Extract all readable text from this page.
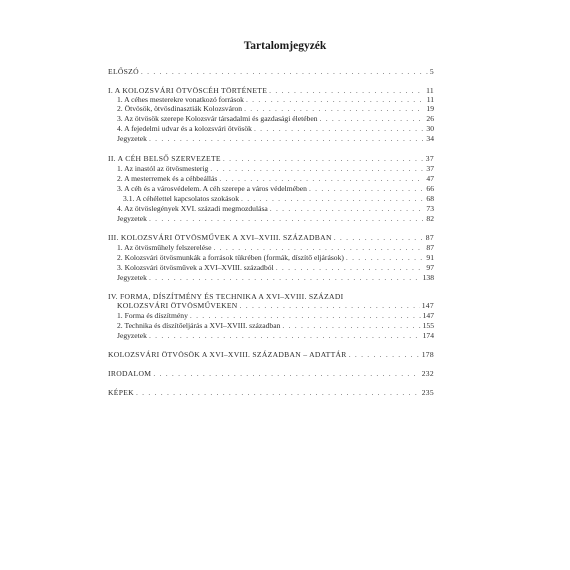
Tartalomjegyzék
ELŐSZÓ . . .	5
I. A KOLOZSVÁRI ÖTVÖSCÉH TÖRTÉNETE . . .	11
1. A céhes mesterekre vonatkozó források . . .	11
2. Ötvösök, ötvösdinasztiák Kolozsváron . . .	19
3. Az ötvösök szerepe Kolozsvár társadalmi és gazdasági életében . . .	26
4. A fejedelmi udvar és a kolozsvári ötvösök . . .	30
Jegyzetek . . .	34
II. A CÉH BELSŐ SZERVEZETE . . .	37
1. Az inastól az ötvösmesterig . . .	37
2. A mesterremek és a céhbeállás . . .	47
3. A céh és a városvédelem. A céh szerepe a város védelmében . . .	66
3.1. A céhélettel kapcsolatos szokások . . .	68
4. Az ötvöslegények XVI. századi megmozdulása . . .	73
Jegyzetek . . .	82
III. KOLOZSVÁRI ÖTVÖSMŰVEK A XVI–XVIII. SZÁZADBAN . . .	87
1. Az ötvösműhely felszerelése . . .	87
2. Kolozsvári ötvösmunkák a források tükrében (formák, díszítő eljárások) . . .	91
3. Kolozsvári ötvösművek a XVI–XVIII. századból . . .	97
Jegyzetek . . .	138
IV. FORMA, DÍSZÍTMÉNY ÉS TECHNIKA A XVI–XVIII. SZÁZADI
KOLOZSVÁRI ÖTVÖSMŰVEKEN . . .	147
1. Forma és díszítmény . . .	147
2. Technika és díszítőeljárás a XVI–XVIII. században . . .	155
Jegyzetek . . .	174
KOLOZSVÁRI ÖTVÖSÖK A XVI–XVIII. SZÁZADBAN – ADATTÁR . . .	178
IRODALOM . . .	232
KÉPEK . . .	235
